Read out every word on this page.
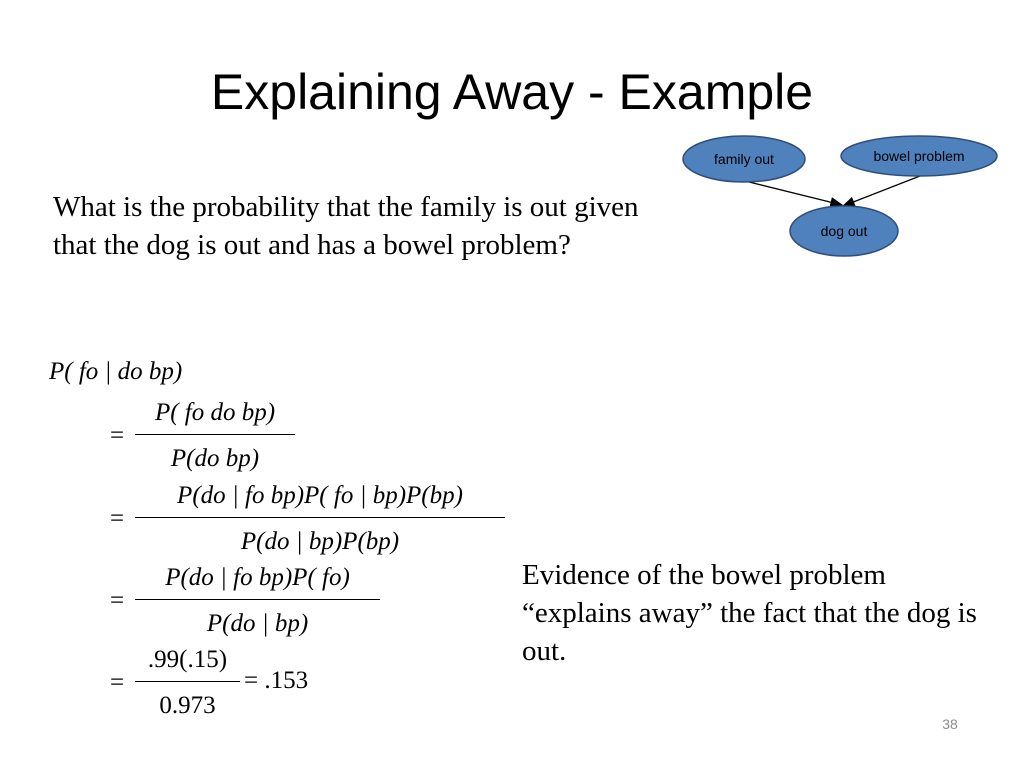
Explaining Away - Example
family out	bowel problem
dog out
What is the probability that the family is out given that the dog is out and has a bowel problem?
P( fo | do bp)
=
P( fo do bp)
P(do bp)
=
P(do | fo bp)P( fo | bp)P(bp)
P(do | bp)P(bp)
=
P(do | fo bp)P( fo)
P(do | bp)
=
.99(.15)
0.973
= .153
Evidence of the bowel problem “explains away” the fact that the dog is out.
38
